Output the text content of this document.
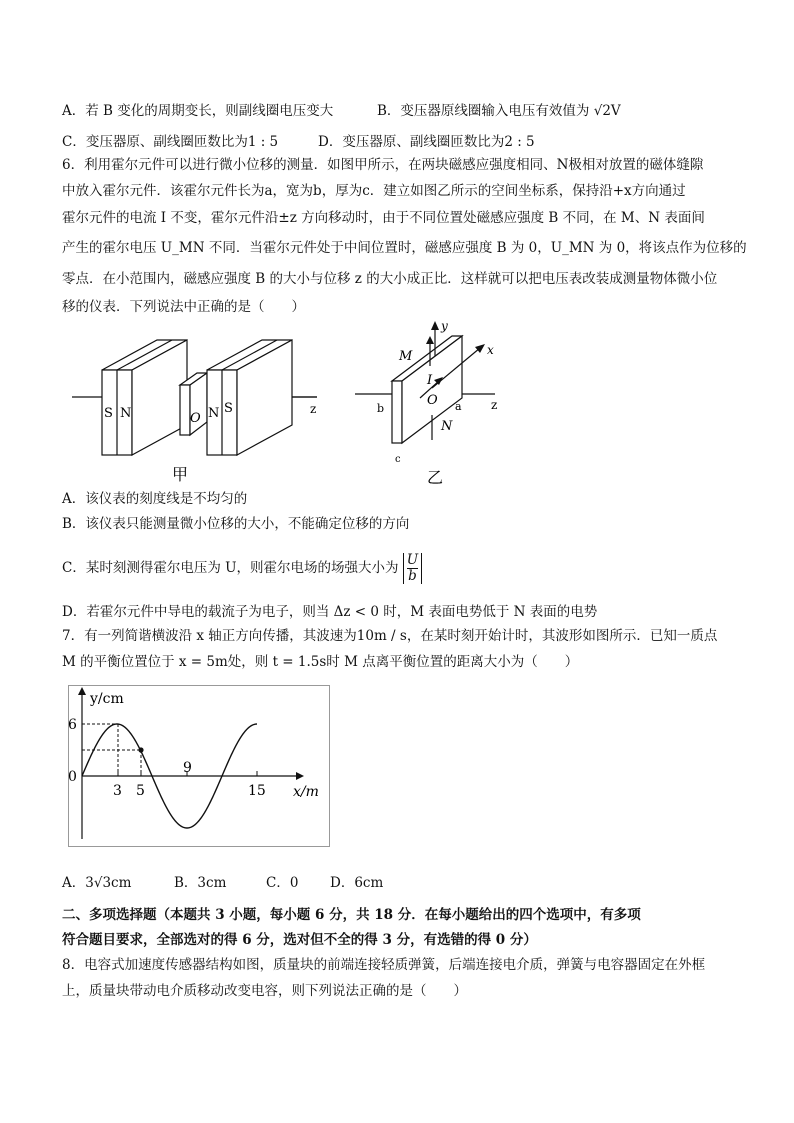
A．若 B 变化的周期变长，则副线圈电压变大	B．变压器原线圈输入电压有效值为 √2V
C．变压器原、副线圈匝数比为1 : 5	D．变压器原、副线圈匝数比为2 : 5
6．利用霍尔元件可以进行微小位移的测量．如图甲所示，在两块磁感应强度相同、N极相对放置的磁体缝隙
中放入霍尔元件．该霍尔元件长为a，宽为b，厚为c．建立如图乙所示的空间坐标系，保持沿+x方向通过
霍尔元件的电流 I 不变，霍尔元件沿±z 方向移动时，由于不同位置处磁感应强度 B 不同，在 M、N 表面间
产生的霍尔电压 U_MN 不同．当霍尔元件处于中间位置时，磁感应强度 B 为 0，U_MN 为 0，将该点作为位移的
零点．在小范围内，磁感应强度 B 的大小与位移 z 的大小成正比．这样就可以把电压表改装成测量物体微小位
移的仪表．下列说法中正确的是（　　）
S N	O N S	z
甲
y
M	x
I
O	z
b	a
N
c
乙
A．该仪表的刻度线是不均匀的
B．该仪表只能测量微小位移的大小，不能确定位移的方向
C．某时刻测得霍尔电压为 U，则霍尔电场的场强大小为 $\frac{U}{b}$
D．若霍尔元件中导电的载流子为电子，则当 Δz < 0 时，M 表面电势低于 N 表面的电势
7．有一列简谐横波沿 x 轴正方向传播，其波速为10m / s，在某时刻开始计时，其波形如图所示．已知一质点
M 的平衡位置位于 x = 5m处，则 t = 1.5s时 M 点离平衡位置的距离大小为（　　）
y/cm
x/m
6
0
3 5
9
15
A．3√3cm	B．3cm	C．0 D．6cm
二、多项选择题（本题共 3 小题，每小题 6 分，共 18 分．在每小题给出的四个选项中，有多项
符合题目要求，全部选对的得 6 分，选对但不全的得 3 分，有选错的得 0 分）
8．电容式加速度传感器结构如图，质量块的前端连接轻质弹簧，后端连接电介质，弹簧与电容器固定在外框
上，质量块带动电介质移动改变电容，则下列说法正确的是（　　）
